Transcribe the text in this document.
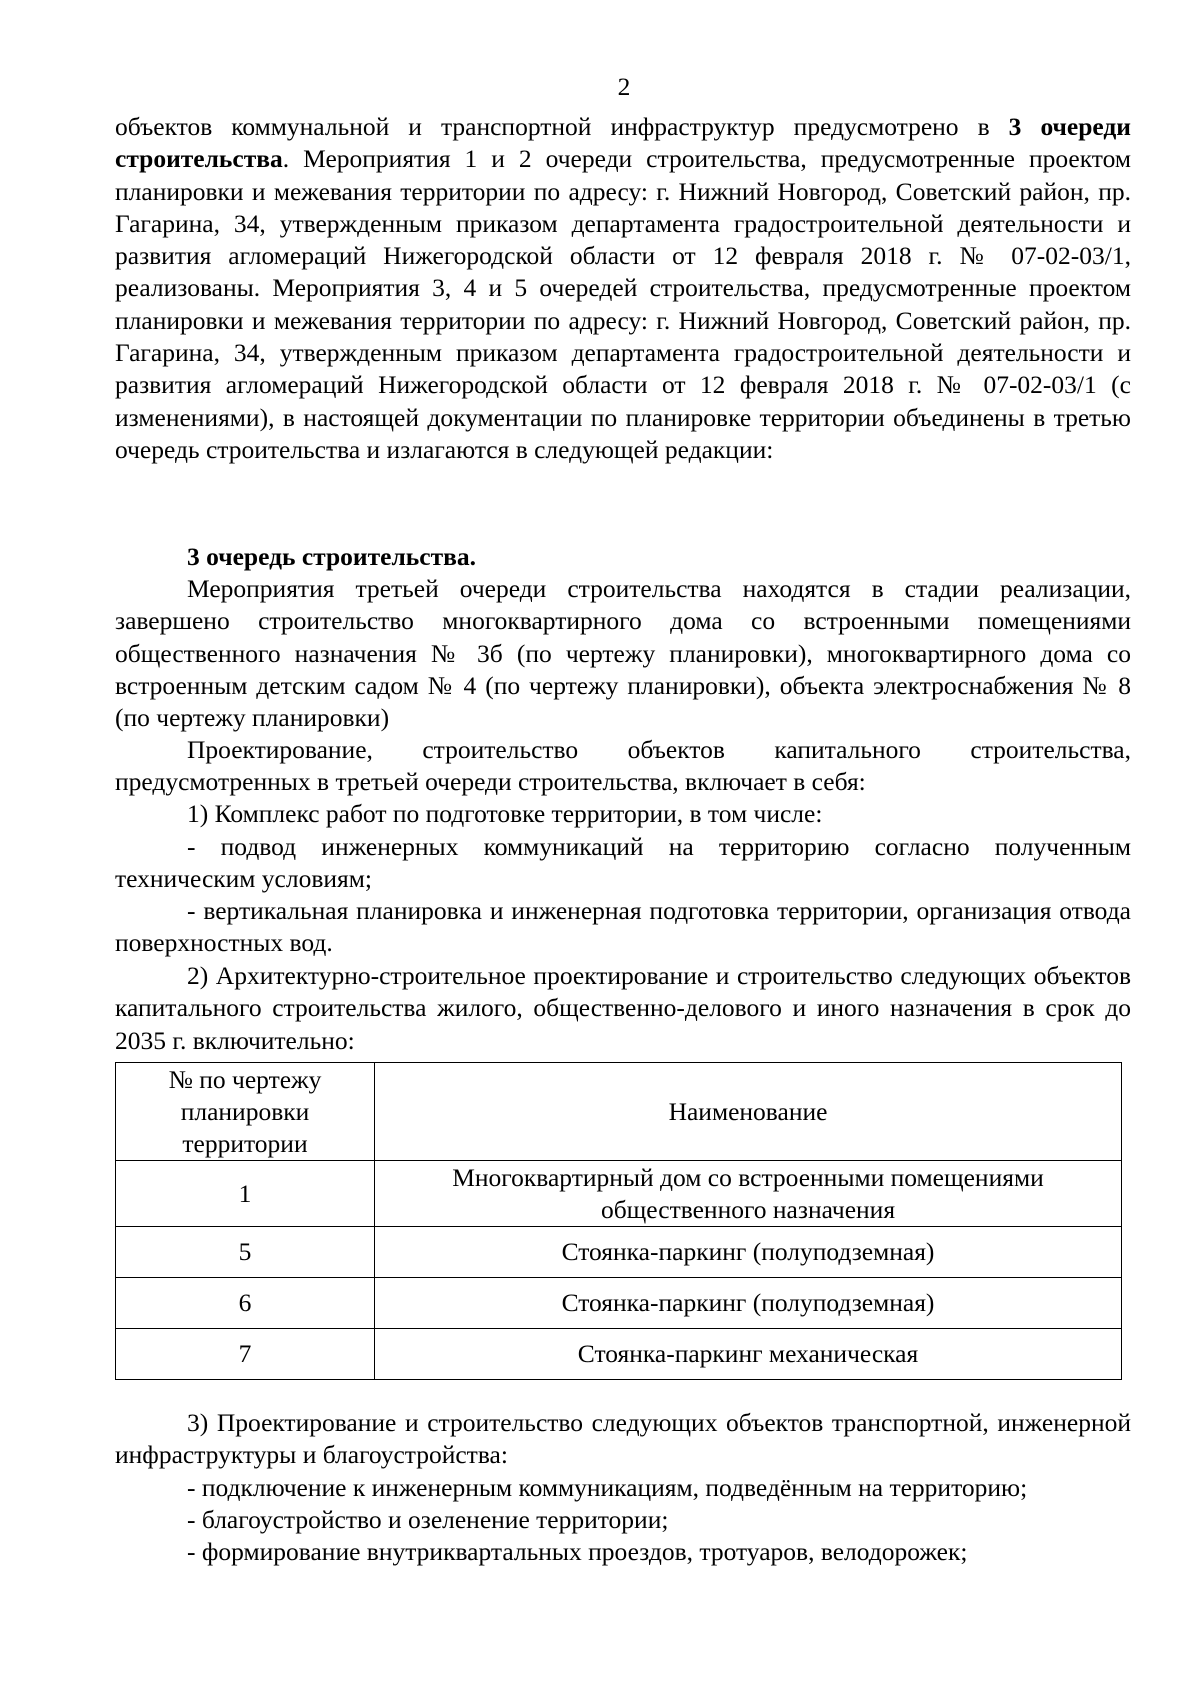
2

объектов коммунальной и транспортной инфраструктур предусмотрено в 3 очереди строительства. Мероприятия 1 и 2 очереди строительства, предусмотренные проектом планировки и межевания территории по адресу: г. Нижний Новгород, Советский район, пр. Гагарина, 34, утвержденным приказом департамента градостроительной деятельности и развития агломераций Нижегородской области от 12 февраля 2018 г. № 07-02-03/1, реализованы. Мероприятия 3, 4 и 5 очередей строительства, предусмотренные проектом планировки и межевания территории по адресу: г. Нижний Новгород, Советский район, пр. Гагарина, 34, утвержденным приказом департамента градостроительной деятельности и развития агломераций Нижегородской области от 12 февраля 2018 г. № 07-02-03/1 (с изменениями), в настоящей документации по планировке территории объединены в третью очередь строительства и излагаются в следующей редакции:

3 очередь строительства.

Мероприятия третьей очереди строительства находятся в стадии реализации, завершено строительство многоквартирного дома со встроенными помещениями общественного назначения № 3б (по чертежу планировки), многоквартирного дома со встроенным детским садом № 4 (по чертежу планировки), объекта электроснабжения № 8 (по чертежу планировки)

Проектирование, строительство объектов капитального строительства, предусмотренных в третьей очереди строительства, включает в себя:

1) Комплекс работ по подготовке территории, в том числе:

- подвод инженерных коммуникаций на территорию согласно полученным техническим условиям;

- вертикальная планировка и инженерная подготовка территории, организация отвода поверхностных вод.

2) Архитектурно-строительное проектирование и строительство следующих объектов капитального строительства жилого, общественно-делового и иного назначения в срок до 2035 г. включительно:

№ по чертежу планировки территории	Наименование
1	Многоквартирный дом со встроенными помещениями общественного назначения
5	Стоянка-паркинг (полуподземная)
6	Стоянка-паркинг (полуподземная)
7	Стоянка-паркинг механическая

3) Проектирование и строительство следующих объектов транспортной, инженерной инфраструктуры и благоустройства:

- подключение к инженерным коммуникациям, подведённым на территорию;

- благоустройство и озеленение территории;

- формирование внутриквартальных проездов, тротуаров, велодорожек;
